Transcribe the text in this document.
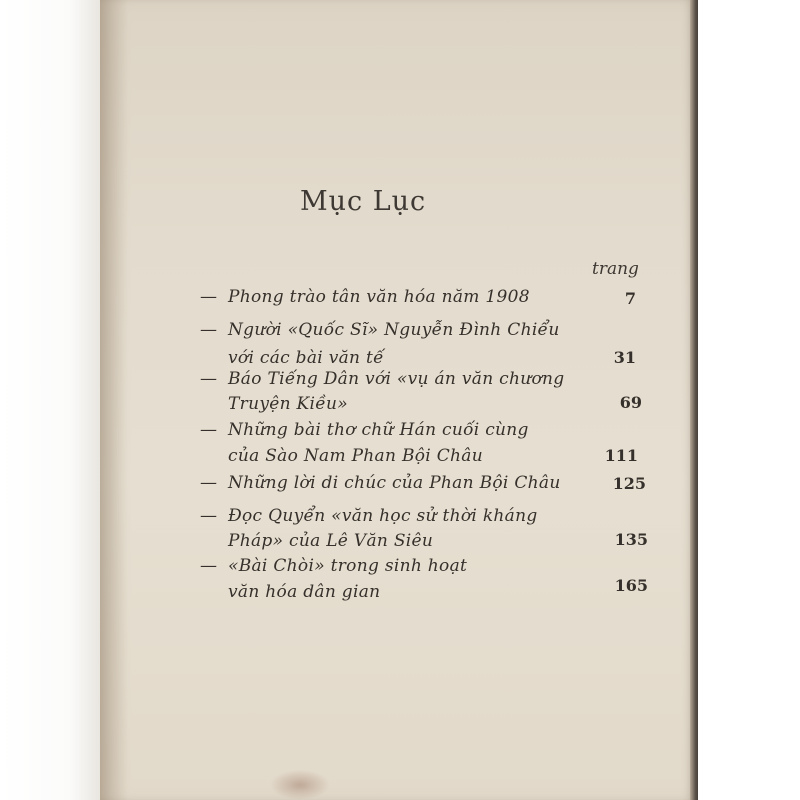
Mục Lục
trang
— Phong trào tân văn hóa năm 1908	7
— Người «Quốc Sĩ» Nguyễn Đình Chiểu
với các bài văn tế	31
— Báo Tiếng Dân với «vụ án văn chương
Truyện Kiều»	69
— Những bài thơ chữ Hán cuối cùng
của Sào Nam Phan Bội Châu	111
— Những lời di chúc của Phan Bội Châu	125
— Đọc Quyển «văn học sử thời kháng
Pháp» của Lê Văn Siêu	135
— «Bài Chòi» trong sinh hoạt
văn hóa dân gian	165
